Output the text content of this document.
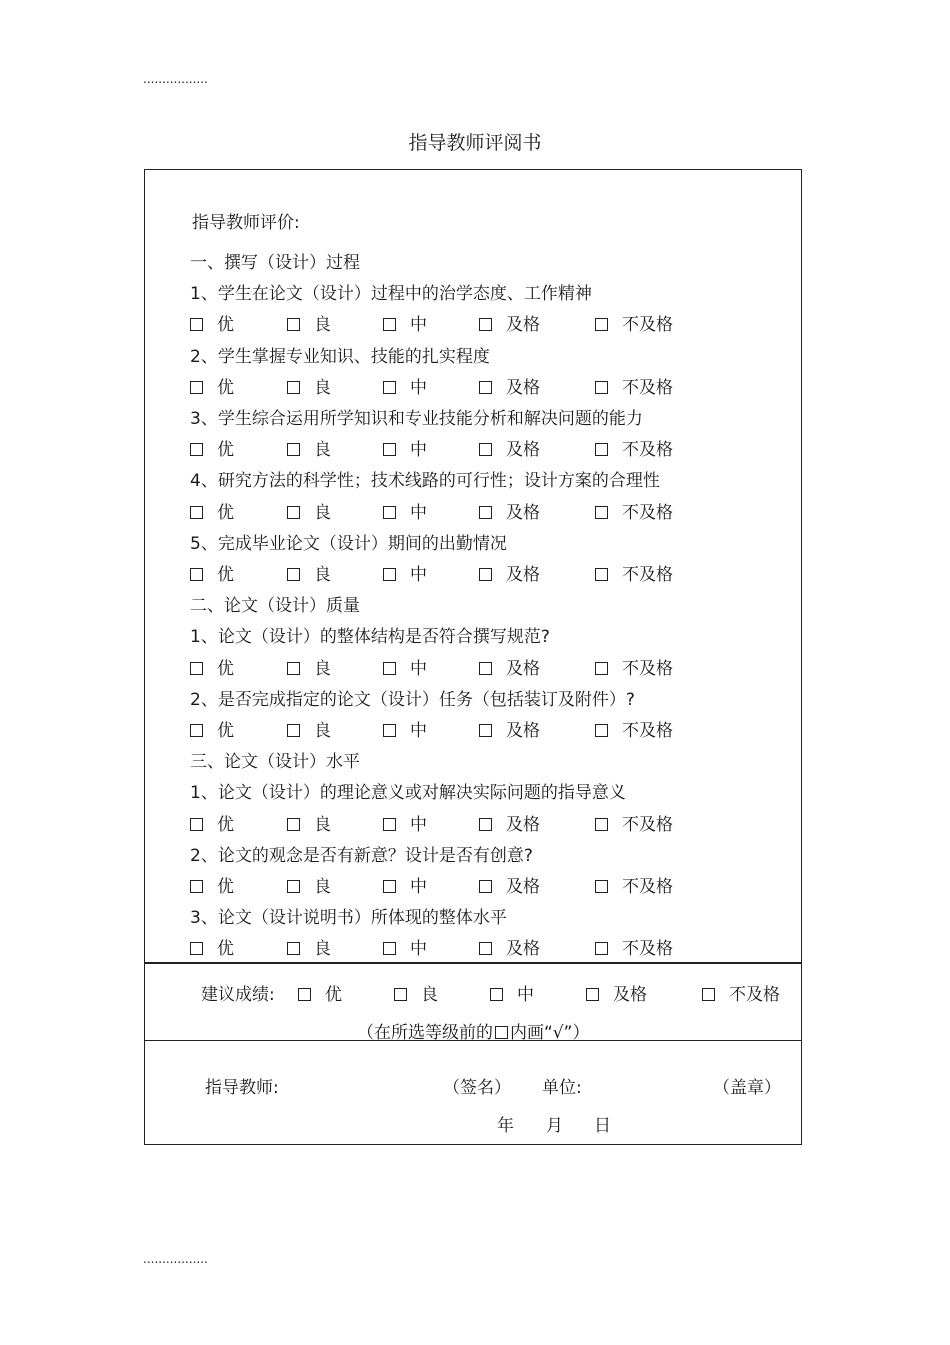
.................
指导教师评阅书
指导教师评价:
一、撰写（设计）过程
1、学生在论文（设计）过程中的治学态度、工作精神
优	良	中	及格	不及格
2、学生掌握专业知识、技能的扎实程度
优	良	中	及格	不及格
3、学生综合运用所学知识和专业技能分析和解决问题的能力
优	良	中	及格	不及格
4、研究方法的科学性；技术线路的可行性；设计方案的合理性
优	良	中	及格	不及格
5、完成毕业论文（设计）期间的出勤情况
优	良	中	及格	不及格
二、论文（设计）质量
1、论文（设计）的整体结构是否符合撰写规范?
优	良	中	及格	不及格
2、是否完成指定的论文（设计）任务（包括装订及附件）?
优	良	中	及格	不及格
三、论文（设计）水平
1、论文（设计）的理论意义或对解决实际问题的指导意义
优	良	中	及格	不及格
2、论文的观念是否有新意？设计是否有创意?
优	良	中	及格	不及格
3、论文（设计说明书）所体现的整体水平
优	良	中	及格	不及格
建议成绩:	优	良	中	及格	不及格
（在所选等级前的 内画“√”）
指导教师:	（签名） 单位:	（盖章）
年 月 日
.................
